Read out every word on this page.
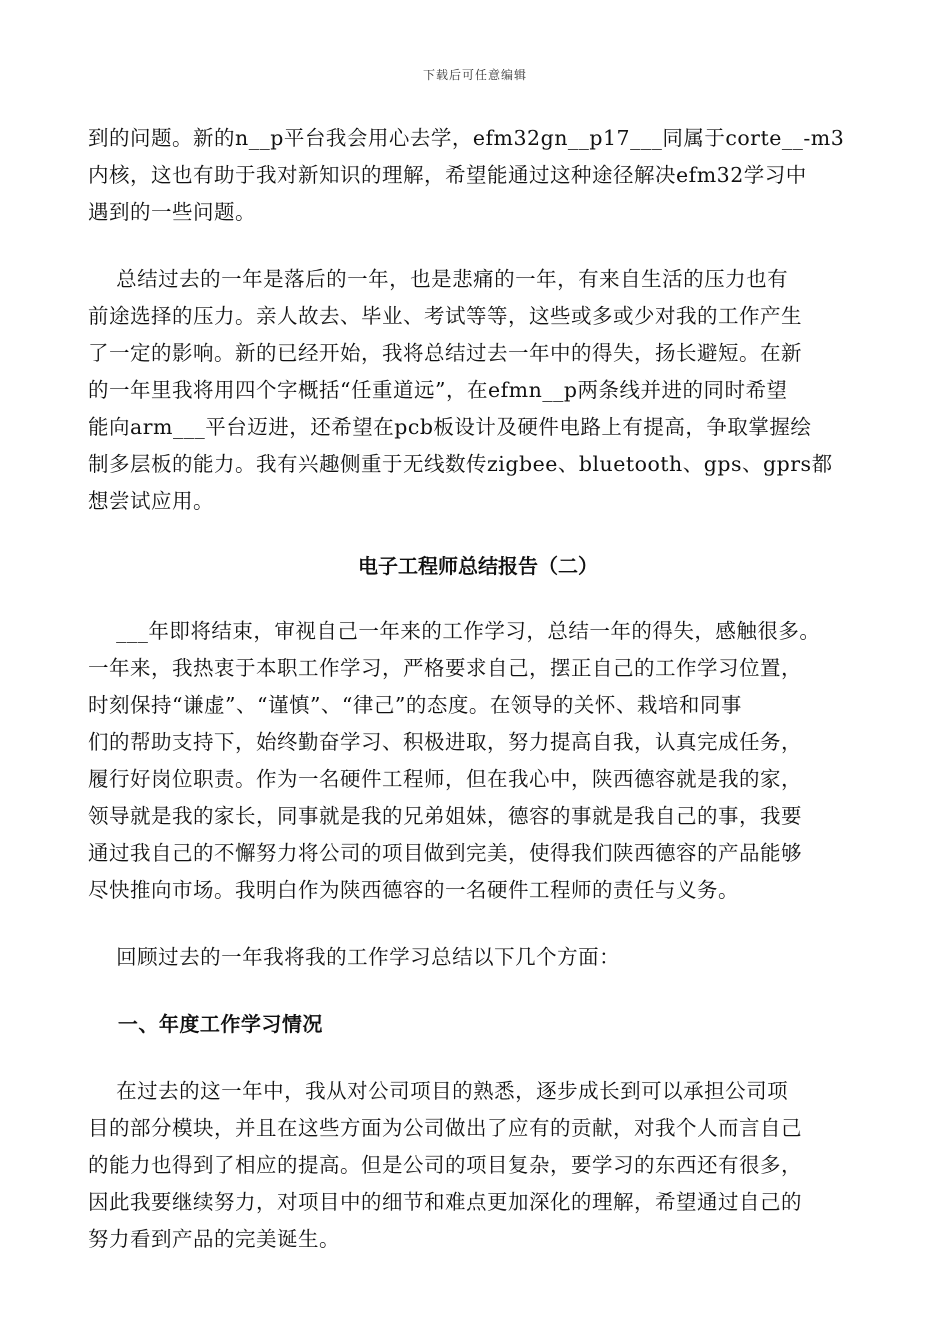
下载后可任意编辑

到的问题。新的n__p平台我会用心去学，efm32gn__p17___同属于corte__-m3

内核，这也有助于我对新知识的理解，希望能通过这种途径解决efm32学习中

遇到的一些问题。

总结过去的一年是落后的一年，也是悲痛的一年，有来自生活的压力也有

前途选择的压力。亲人故去、毕业、考试等等，这些或多或少对我的工作产生

了一定的影响。新的已经开始，我将总结过去一年中的得失，扬长避短。在新

的一年里我将用四个字概括“任重道远”，在efmn__p两条线并进的同时希望

能向arm___平台迈进，还希望在pcb板设计及硬件电路上有提高，争取掌握绘

制多层板的能力。我有兴趣侧重于无线数传zigbee、bluetooth、gps、gprs都

想尝试应用。

电子工程师总结报告（二）

___年即将结束，审视自己一年来的工作学习，总结一年的得失，感触很多。

一年来，我热衷于本职工作学习，严格要求自己，摆正自己的工作学习位置，

时刻保持“谦虚”、“谨慎”、“律己”的态度。在领导的关怀、栽培和同事

们的帮助支持下，始终勤奋学习、积极进取，努力提高自我，认真完成任务，

履行好岗位职责。作为一名硬件工程师，但在我心中，陕西德容就是我的家，

领导就是我的家长，同事就是我的兄弟姐妹，德容的事就是我自己的事，我要

通过我自己的不懈努力将公司的项目做到完美，使得我们陕西德容的产品能够

尽快推向市场。我明白作为陕西德容的一名硬件工程师的责任与义务。

回顾过去的一年我将我的工作学习总结以下几个方面：

一、年度工作学习情况

在过去的这一年中，我从对公司项目的熟悉，逐步成长到可以承担公司项

目的部分模块，并且在这些方面为公司做出了应有的贡献，对我个人而言自己

的能力也得到了相应的提高。但是公司的项目复杂，要学习的东西还有很多，

因此我要继续努力，对项目中的细节和难点更加深化的理解，希望通过自己的

努力看到产品的完美诞生。
